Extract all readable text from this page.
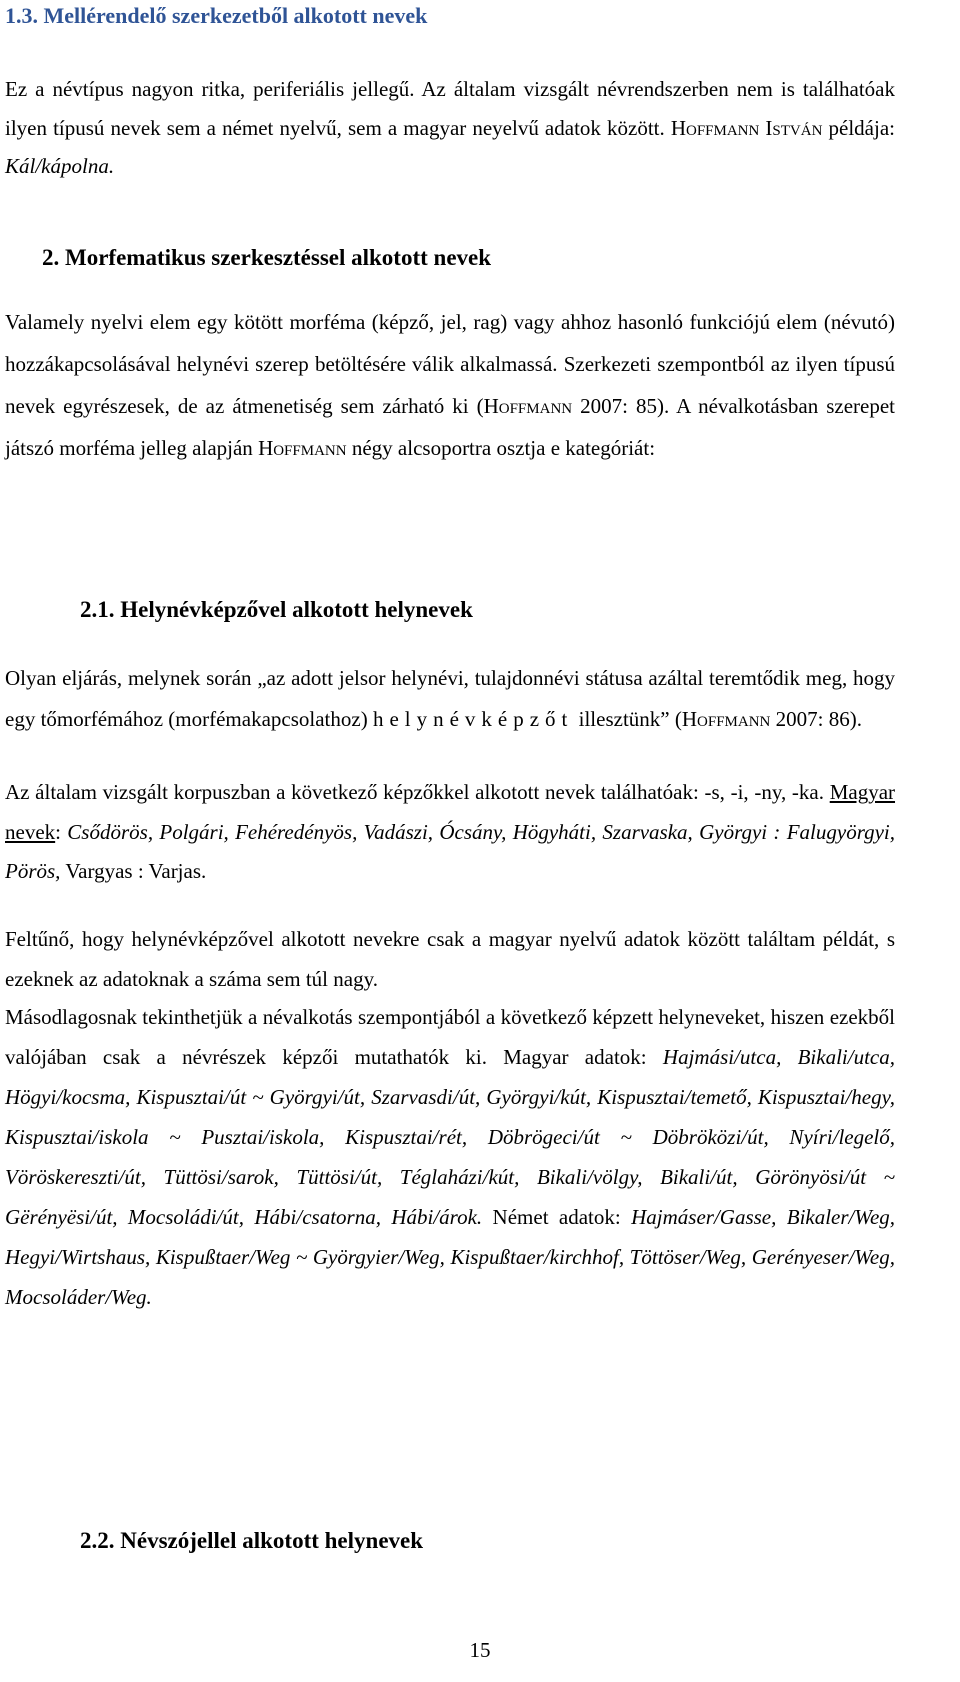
1.3. Mellérendelő szerkezetből alkotott nevek

Ez a névtípus nagyon ritka, periferiális jellegű. Az általam vizsgált névrendszerben nem is találhatóak ilyen típusú nevek sem a német nyelvű, sem a magyar neyelvű adatok között. Hoffmann István példája: Kál/kápolna.

2. Morfematikus szerkesztéssel alkotott nevek

Valamely nyelvi elem egy kötött morféma (képző, jel, rag) vagy ahhoz hasonló funkciójú elem (névutó) hozzákapcsolásával helynévi szerep betöltésére válik alkalmassá. Szerkezeti szempontból az ilyen típusú nevek egyrészesek, de az átmenetiség sem zárható ki (Hoffmann 2007: 85). A névalkotásban szerepet játszó morféma jelleg alapján Hoffmann négy alcsoportra osztja e kategóriát:

2.1. Helynévképzővel alkotott helynevek

Olyan eljárás, melynek során „az adott jelsor helynévi, tulajdonnévi státusa azáltal teremtődik meg, hogy egy tőmorfémához (morfémakapcsolathoz) helynévképzőt illesztünk” (Hoffmann 2007: 86).

Az általam vizsgált korpuszban a következő képzőkkel alkotott nevek találhatóak: -s, -i, -ny, -ka. Magyar nevek: Csődörös, Polgári, Fehéredényös, Vadászi, Ócsány, Högyháti, Szarvaska, Györgyi : Falugyörgyi, Pörös, Vargyas : Varjas.

Feltűnő, hogy helynévképzővel alkotott nevekre csak a magyar nyelvű adatok között találtam példát, s ezeknek az adatoknak a száma sem túl nagy.

Másodlagosnak tekinthetjük a névalkotás szempontjából a következő képzett helyneveket, hiszen ezekből valójában csak a névrészek képzői mutathatók ki. Magyar adatok: Hajmási/utca, Bikali/utca, Högyi/kocsma, Kispusztai/út ~ Györgyi/út, Szarvasdi/út, Györgyi/kút, Kispusztai/temető, Kispusztai/hegy, Kispusztai/iskola ~ Pusztai/iskola, Kispusztai/rét, Döbrögeci/út ~ Döbröközi/út, Nyíri/legelő, Vöröskereszti/út, Tüttösi/sarok, Tüttösi/út, Téglaházi/kút, Bikali/völgy, Bikali/út, Görönyösi/út ~ Gërényësi/út, Mocsoládi/út, Hábi/csatorna, Hábi/árok. Német adatok: Hajmáser/Gasse, Bikaler/Weg, Hegyi/Wirtshaus, Kispußtaer/Weg ~ Györgyier/Weg, Kispußtaer/kirchhof, Töttöser/Weg, Gerényeser/Weg, Mocsoláder/Weg.

2.2. Névszójellel alkotott helynevek
15
